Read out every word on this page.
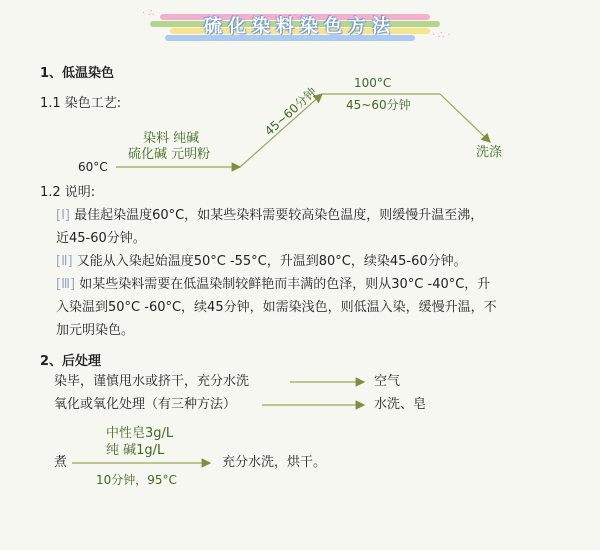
·∴
·∴·
硫化染料染色方法
1、低温染色
1.1 染色工艺:
60°C
染料 纯碱
硫化碱 元明粉
45~60分钟
100°C
45~60分钟
洗涤
1.2 说明:
[Ⅰ] 最佳起染温度60°C，如某些染料需要较高染色温度，则缓慢升温至沸，
近45-60分钟。
[Ⅱ] 又能从入染起始温度50°C -55°C，升温到80°C，续染45-60分钟。
[Ⅲ] 如某些染料需要在低温染制较鲜艳而丰满的色泽，则从30°C -40°C，升
入染温到50°C -60°C，续45分钟，如需染浅色，则低温入染，缓慢升温，不
加元明染色。
2、后处理
染毕，谨慎甩水或挤干，充分水洗	空气
氧化或氧化处理（有三种方法）	水洗、皂
中性皂3g/L
纯 碱1g/L
煮
10分钟，95°C
充分水洗，烘干。
